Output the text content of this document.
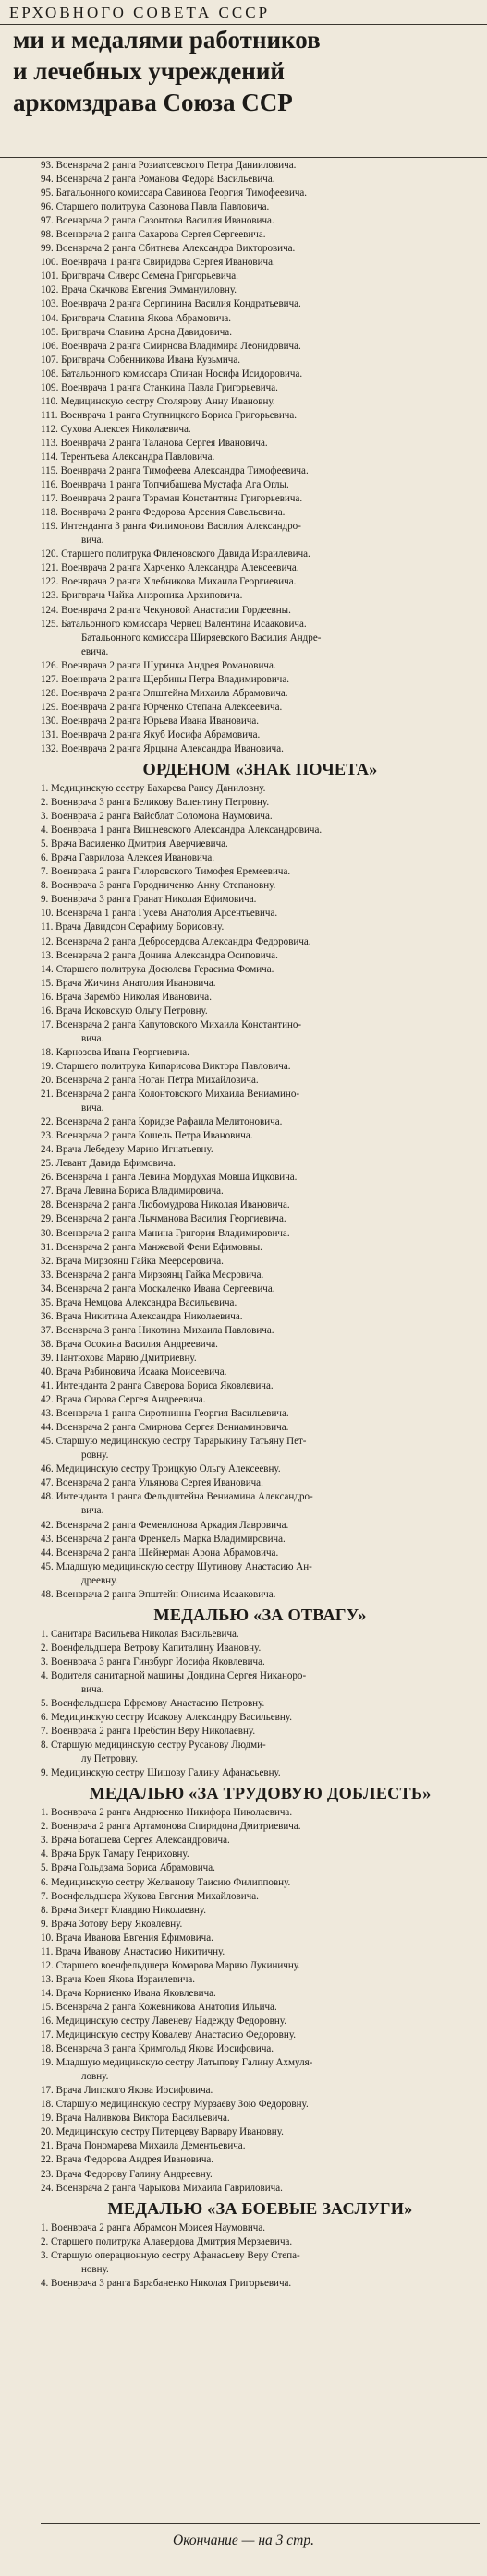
ЕРХОВНОГО СОВЕТА СССР
ми и медалями работников
и лечебных учреждений
аркомздрава Союза ССР
93. Военврача 2 ранга Розиатсевского Петра Данииловича.
94. Военврача 2 ранга Романова Федора Васильевича.
95. Батальонного комиссара Савинова Георгия Тимофеевича.
96. Старшего политрука Сазонова Павла Павловича.
97. Военврача 2 ранга Сазонтова Василия Ивановича.
98. Военврача 2 ранга Сахарова Сергея Сергеевича.
99. Военврача 2 ранга Сбитнева Александра Викторовича.
100. Военврача 1 ранга Свиридова Сергея Ивановича.
101. Бригврача Сиверс Семена Григорьевича.
102. Врача Скачкова Евгения Эммануиловну.
103. Военврача 2 ранга Серпинина Василия Кондратьевича.
104. Бригврача Славина Якова Абрамовича.
105. Бригврача Славина Арона Давидовича.
106. Военврача 2 ранга Смирнова Владимира Леонидовича.
107. Бригврача Собенникова Ивана Кузьмича.
108. Батальонного комиссара Спичан Носифа Исидоровича.
109. Военврача 1 ранга Станкина Павла Григорьевича.
110. Медицинскую сестру Столярову Анну Ивановну.
111. Военврача 1 ранга Ступницкого Бориса Григорьевича.
112. Сухова Алексея Николаевича.
113. Военврача 2 ранга Таланова Сергея Ивановича.
114. Терентьева Александра Павловича.
115. Военврача 2 ранга Тимофеева Александра Тимофеевича.
116. Военврача 1 ранга Топчибашева Мустафа Ага Оглы.
117. Военврача 2 ранга Тэраман Константина Григорьевича.
118. Военврача 2 ранга Федорова Арсения Савельевича.
119. Интенданта 3 ранга Филимонова Василия Александро-
вича.
120. Старшего политрука Филеновского Давида Израилевича.
121. Военврача 2 ранга Харченко Александра Алексеевича.
122. Военврача 2 ранга Хлебникова Михаила Георгиевича.
123. Бригврача Чайка Анзроника Архиповича.
124. Военврача 2 ранга Чекуновой Анастасии Гордеевны.
125. Батальонного комиссара Чернец Валентина Исааковича.
Батальонного комиссара Ширяевского Василия Андре-
евича.
126. Военврача 2 ранга Шуринка Андрея Романовича.
127. Военврача 2 ранга Щербины Петра Владимировича.
128. Военврача 2 ранга Эпштейна Михаила Абрамовича.
129. Военврача 2 ранга Юрченко Степана Алексеевича.
130. Военврача 2 ранга Юрьева Ивана Ивановича.
131. Военврача 2 ранга Якуб Иосифа Абрамовича.
132. Военврача 2 ранга Ярцына Александра Ивановича.
ОРДЕНОМ «ЗНАК ПОЧЕТА»
1. Медицинскую сестру Бахарева Раису Даниловну.
2. Военврача 3 ранга Беликову Валентину Петровну.
3. Военврача 2 ранга Вайсблат Соломона Наумовича.
4. Военврача 1 ранга Вишневского Александра Александровича.
5. Врача Василенко Дмитрия Аверчиевича.
6. Врача Гаврилова Алексея Ивановича.
7. Военврача 2 ранга Гилоровского Тимофея Еремеевича.
8. Военврача 3 ранга Городниченко Анну Степановну.
9. Военврача 3 ранга Гранат Николая Ефимовича.
10. Военврача 1 ранга Гусева Анатолия Арсентьевича.
11. Врача Давидсон Серафиму Борисовну.
12. Военврача 2 ранга Дебросердова Александра Федоровича.
13. Военврача 2 ранга Донина Александра Осиповича.
14. Старшего политрука Досюлева Герасима Фомича.
15. Врача Жичина Анатолия Ивановича.
16. Врача Зарембо Николая Ивановича.
16. Врача Исковскую Ольгу Петровну.
17. Военврача 2 ранга Капутовского Михаила Константино-
вича.
18. Карнозова Ивана Георгиевича.
19. Старшего политрука Кипарисова Виктора Павловича.
20. Военврача 2 ранга Ноган Петра Михайловича.
21. Военврача 2 ранга Колонтовского Михаила Вениамино-
вича.
22. Военврача 2 ранга Коридзе Рафаила Мелитоновича.
23. Военврача 2 ранга Кошель Петра Ивановича.
24. Врача Лебедеву Марию Игнатьевну.
25. Левант Давида Ефимовича.
26. Военврача 1 ранга Левина Мордухая Мовша Ицковича.
27. Врача Левина Бориса Владимировича.
28. Военврача 2 ранга Любомудрова Николая Ивановича.
29. Военврача 2 ранга Лычманова Василия Георгиевича.
30. Военврача 2 ранга Манина Григория Владимировича.
31. Военврача 2 ранга Манжевой Фени Ефимовны.
32. Врача Мирзоянц Гайка Меерсеровича.
33. Военврача 2 ранга Мирзоянц Гайка Месровича.
34. Военврача 2 ранга Москаленко Ивана Сергеевича.
35. Врача Немцова Александра Васильевича.
36. Врача Никитина Александра Николаевича.
37. Военврача 3 ранга Никотина Михаила Павловича.
38. Врача Осокина Василия Андреевича.
39. Пантюхова Марию Дмитриевну.
40. Врача Рабиновича Исаака Моисеевича.
41. Интенданта 2 ранга Саверова Бориса Яковлевича.
42. Врача Сирова Сергея Андреевича.
43. Военврача 1 ранга Сиротнинна Георгия Васильевича.
44. Военврача 2 ранга Смирнова Сергея Вениаминовича.
45. Старшую медицинскую сестру Тарарыкину Татьяну Пет-
ровну.
46. Медицинскую сестру Троицкую Ольгу Алексеевну.
47. Военврача 2 ранга Ульянова Сергея Ивановича.
48. Интенданта 1 ранга Фельдштейна Вениамина Александро-
вича.
42. Военврача 2 ранга Феменлонова Аркадия Лавровича.
43. Военврача 2 ранга Френкель Марка Владимировича.
44. Военврача 2 ранга Шейнерман Арона Абрамовича.
45. Младшую медицинскую сестру Шутинову Анастасию Ан-
дреевну.
48. Военврача 2 ранга Эпштейн Онисима Исааковича.
МЕДАЛЬЮ «ЗА ОТВАГУ»
1. Санитара Васильева Николая Васильевича.
2. Военфельдшера Ветрову Капиталину Ивановну.
3. Военврача 3 ранга Гинзбург Иосифа Яковлевича.
4. Водителя санитарной машины Дондина Сергея Никанорo-
вича.
5. Военфельдшера Ефремову Анастасию Петровну.
6. Медицинскую сестру Исакову Александру Васильевну.
7. Военврача 2 ранга Пребстин Веру Николаевну.
8. Старшую медицинскую сестру Русанову Людми-
лу Петровну.
9. Медицинскую сестру Шишову Галину Афанасьевну.
МЕДАЛЬЮ «ЗА ТРУДОВУЮ ДОБЛЕСТЬ»
1. Военврача 2 ранга Андрюенко Никифора Николаевича.
2. Военврача 2 ранга Артамонова Спиридона Дмитриевича.
3. Врача Боташева Сергея Александровича.
4. Врача Брук Тамару Генриховну.
5. Врача Гольдзама Бориса Абрамовича.
6. Медицинскую сестру Желванову Таисию Филипповну.
7. Военфельдшера Жукова Евгения Михайловича.
8. Врача Зикерт Клавдию Николаевну.
9. Врача Зотову Веру Яковлевну.
10. Врача Иванова Евгения Ефимовича.
11. Врача Иванову Анастасию Никитичну.
12. Старшего военфельдшера Комарова Марию Лукиничну.
13. Врача Коен Якова Израилевича.
14. Врача Корниенко Ивана Яковлевича.
15. Военврача 2 ранга Кожевникова Анатолия Ильича.
16. Медицинскую сестру Лавеневу Надежду Федоровну.
17. Медицинскую сестру Ковалеву Анастасию Федоровну.
18. Военврача 3 ранга Кримгольд Якова Иосифовича.
19. Младшую медицинскую сестру Латыпову Галину Ахмуля-
ловну.
17. Врача Липского Якова Иосифовича.
18. Старшую медицинскую сестру Мурзаеву Зою Федоровну.
19. Врача Наливкова Виктора Васильевича.
20. Медицинскую сестру Питерцеву Варвару Ивановну.
21. Врача Пономарева Михаила Дементьевича.
22. Врача Федорова Андрея Ивановича.
23. Врача Федорову Галину Андреевну.
24. Военврача 2 ранга Чарыкова Михаила Гавриловича.
МЕДАЛЬЮ «ЗА БОЕВЫЕ ЗАСЛУГИ»
1. Военврача 2 ранга Абрамсон Моисея Наумовича.
2. Старшего политрука Алавердова Дмитрия Мерзаевича.
3. Старшую операционную сестру Афанасьеву Веру Степа-
новну.
4. Военврача 3 ранга Барабаненко Николая Григорьевича.
Окончание — на 3 стр.
